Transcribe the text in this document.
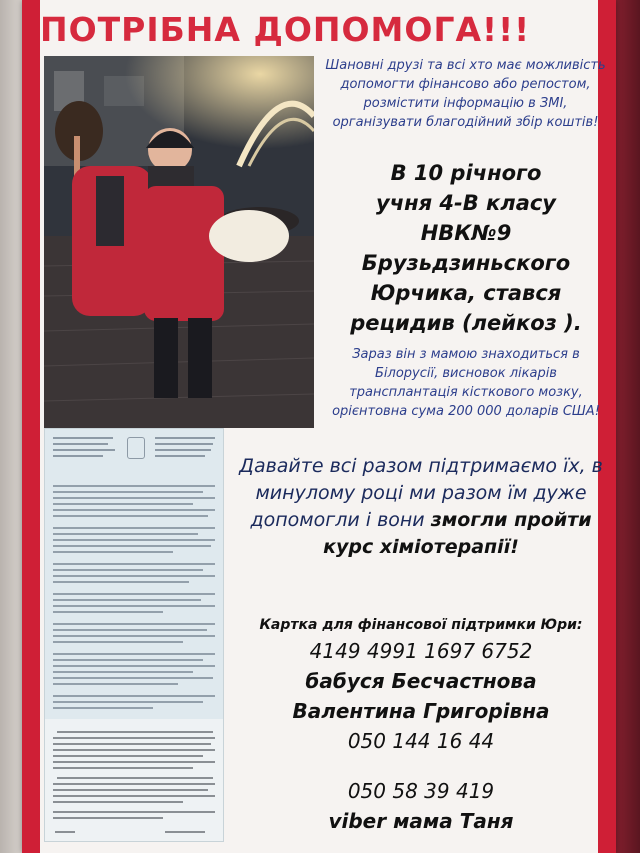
ПОТРІБНА ДОПОМОГА!!!
Шановні друзі та всі хто має можливість допомогти фінансово або репостом, розмістити інформацію в ЗМІ, організувати благодійний збір коштів!
В 10 річного
учня 4-В класу
НВК№9
Брузьдзиньского
Юрчика, стався
рецидив (лейкоз ).
Зараз він з мамою знаходиться в Білорусії, висновок лікарів трансплантація кісткового мозку, орієнтовна сума 200 000 доларів США!
Давайте всі разом підтримаємо їх, в минулому році ми разом їм дуже допомогли і вони змогли пройти курс хіміотерапії!
Картка для фінансової підтримки Юри:
4149 4991 1697 6752
бабуся Бесчастнова
Валентина Григорівна
050 144 16 44
050 58 39 419
viber мама Таня
